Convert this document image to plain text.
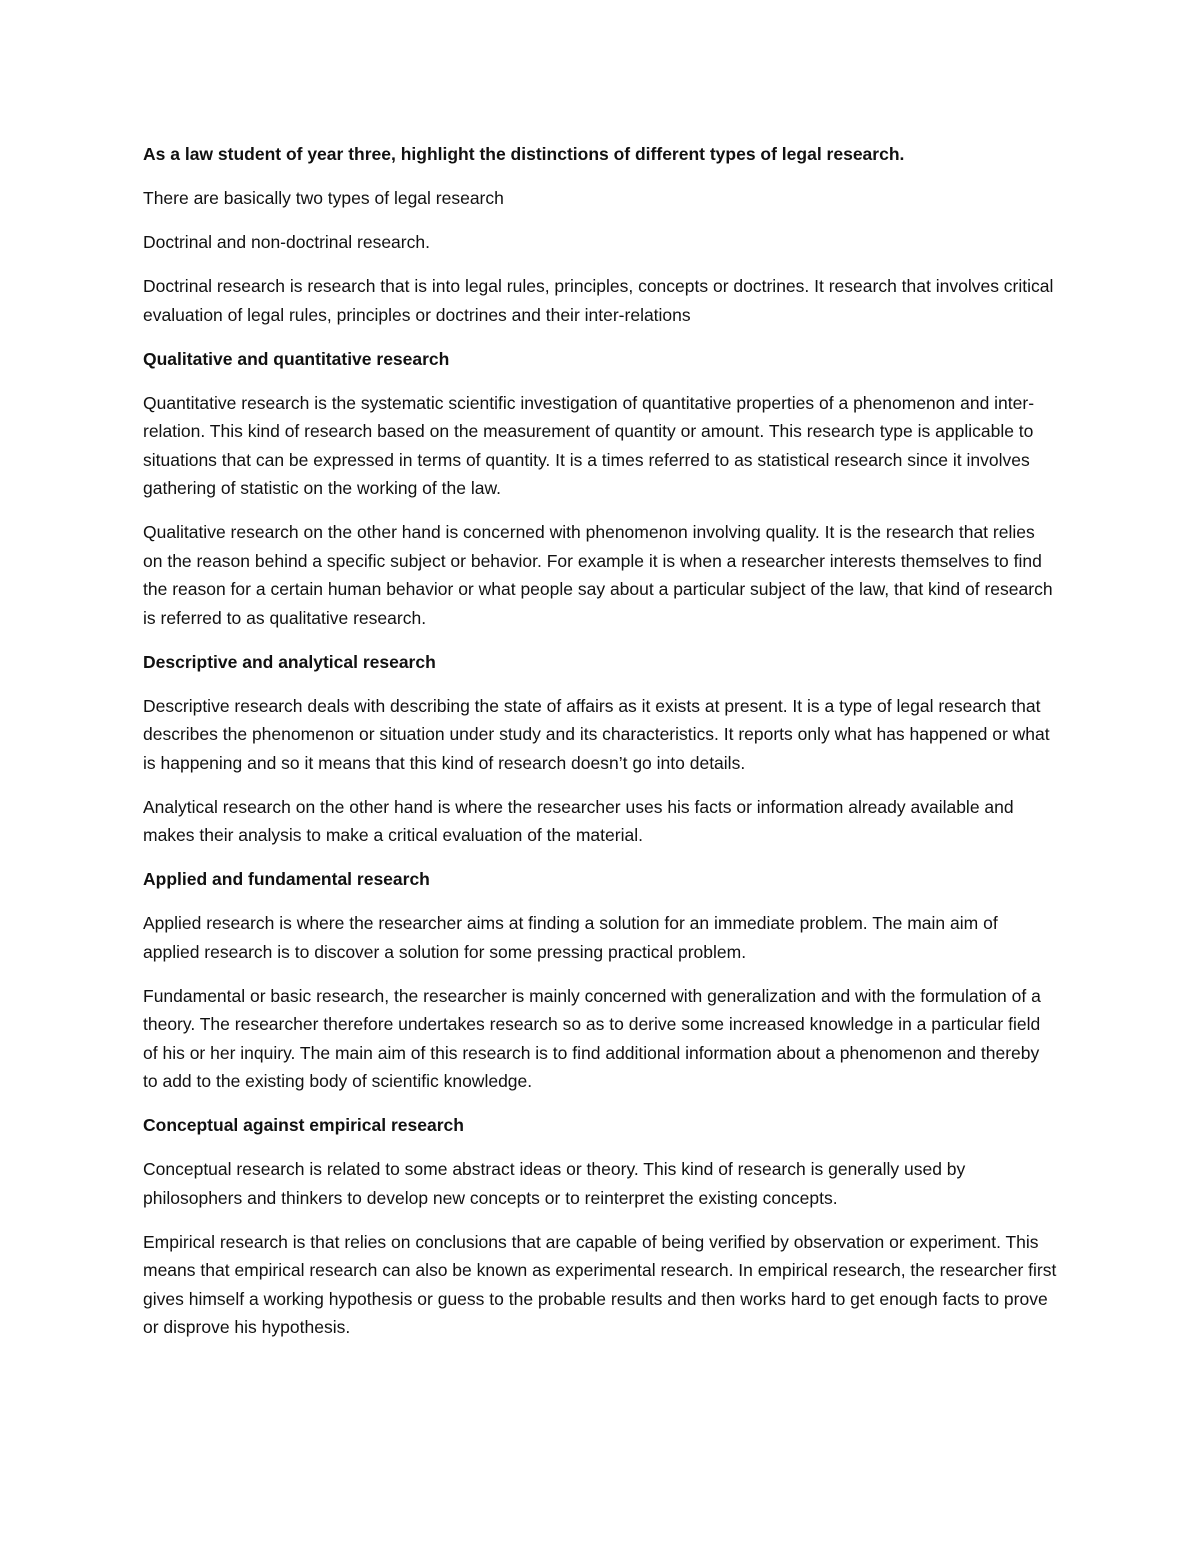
As a law student of year three, highlight the distinctions of different types of legal research.

There are basically two types of legal research

Doctrinal and non-doctrinal research.

Doctrinal research is research that is into legal rules, principles, concepts or doctrines. It research that involves critical evaluation of legal rules, principles or doctrines and their inter-relations

Qualitative and quantitative research

Quantitative research is the systematic scientific investigation of quantitative properties of a phenomenon and inter-relation. This kind of research based on the measurement of quantity or amount. This research type is applicable to situations that can be expressed in terms of quantity. It is a times referred to as statistical research since it involves gathering of statistic on the working of the law.

Qualitative research on the other hand is concerned with phenomenon involving quality. It is the research that relies on the reason behind a specific subject or behavior. For example it is when a researcher interests themselves to find the reason for a certain human behavior or what people say about a particular subject of the law, that kind of research is referred to as qualitative research.

Descriptive and analytical research

Descriptive research deals with describing the state of affairs as it exists at present. It is a type of legal research that describes the phenomenon or situation under study and its characteristics. It reports only what has happened or what is happening and so it means that this kind of research doesn’t go into details.

Analytical research on the other hand is where the researcher uses his facts or information already available and makes their analysis to make a critical evaluation of the material.

Applied and fundamental research

Applied research is where the researcher aims at finding a solution for an immediate problem. The main aim of applied research is to discover a solution for some pressing practical problem.

Fundamental or basic research, the researcher is mainly concerned with generalization and with the formulation of a theory. The researcher therefore undertakes research so as to derive some increased knowledge in a particular field of his or her inquiry. The main aim of this research is to find additional information about a phenomenon and thereby to add to the existing body of scientific knowledge.

Conceptual against empirical research

Conceptual research is related to some abstract ideas or theory. This kind of research is generally used by philosophers and thinkers to develop new concepts or to reinterpret the existing concepts.

Empirical research is that relies on conclusions that are capable of being verified by observation or experiment. This means that empirical research can also be known as experimental research. In empirical research, the researcher first gives himself a working hypothesis or guess to the probable results and then works hard to get enough facts to prove or disprove his hypothesis.
